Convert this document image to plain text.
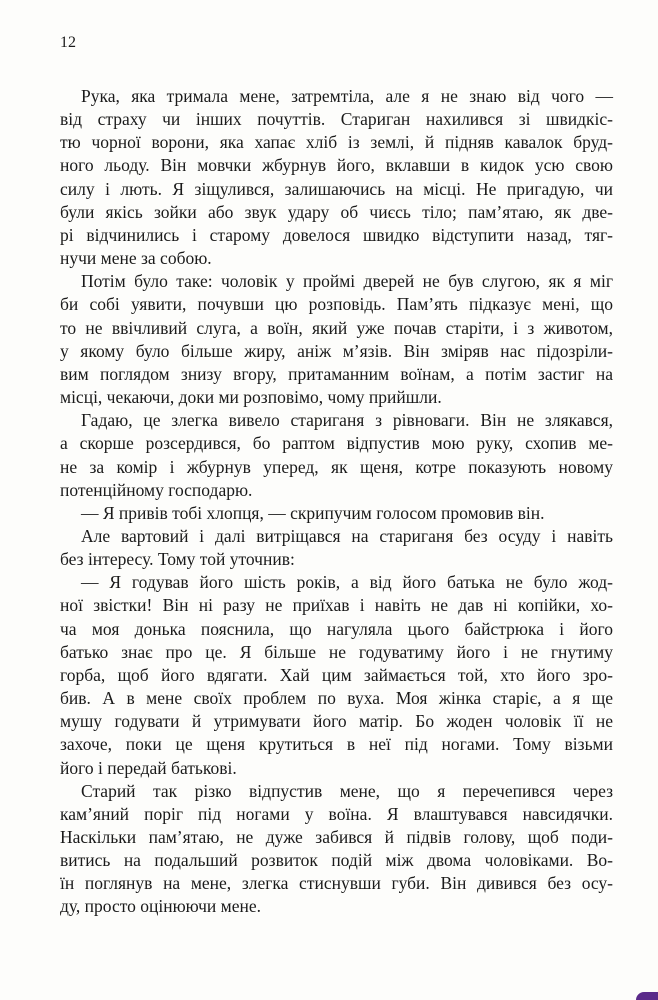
12
Рука, яка тримала мене, затремтіла, але я не знаю від чого —
від страху чи інших почуттів. Стариган нахилився зі швидкіс-
тю чорної ворони, яка хапає хліб із землі, й підняв кавалок бруд-
ного льоду. Він мовчки жбурнув його, вклавши в кидок усю свою
силу і лють. Я зіщулився, залишаючись на місці. Не пригадую, чи
були якісь зойки або звук удару об чиєсь тіло; пам’ятаю, як две-
рі відчинились і старому довелося швидко відступити назад, тяг-
нучи мене за собою.
Потім було таке: чоловік у проймі дверей не був слугою, як я міг
би собі уявити, почувши цю розповідь. Пам’ять підказує мені, що
то не ввічливий слуга, а воїн, який уже почав старіти, і з животом,
у якому було більше жиру, аніж м’язів. Він зміряв нас підозріли-
вим поглядом знизу вгору, притаманним воїнам, а потім застиг на
місці, чекаючи, доки ми розповімо, чому прийшли.
Гадаю, це злегка вивело стариганя з рівноваги. Він не злякався,
а скорше розсердився, бо раптом відпустив мою руку, схопив ме-
не за комір і жбурнув уперед, як щеня, котре показують новому
потенційному господарю.
— Я привів тобі хлопця, — скрипучим голосом промовив він.
Але вартовий і далі витріщався на стариганя без осуду і навіть
без інтересу. Тому той уточнив:
— Я годував його шість років, а від його батька не було жод-
ної звістки! Він ні разу не приїхав і навіть не дав ні копійки, хо-
ча моя донька пояснила, що нагуляла цього байстрюка і його
батько знає про це. Я більше не годуватиму його і не гнутиму
горба, щоб його вдягати. Хай цим займається той, хто його зро-
бив. А в мене своїх проблем по вуха. Моя жінка старіє, а я ще
мушу годувати й утримувати його матір. Бо жоден чоловік її не
захоче, поки це щеня крутиться в неї під ногами. Тому візьми
його і передай батькові.
Старий так різко відпустив мене, що я перечепився через
кам’яний поріг під ногами у воїна. Я влаштувався навсидячки.
Наскільки пам’ятаю, не дуже забився й підвів голову, щоб поди-
витись на подальший розвиток подій між двома чоловіками. Во-
їн поглянув на мене, злегка стиснувши губи. Він дивився без осу-
ду, просто оцінюючи мене.
